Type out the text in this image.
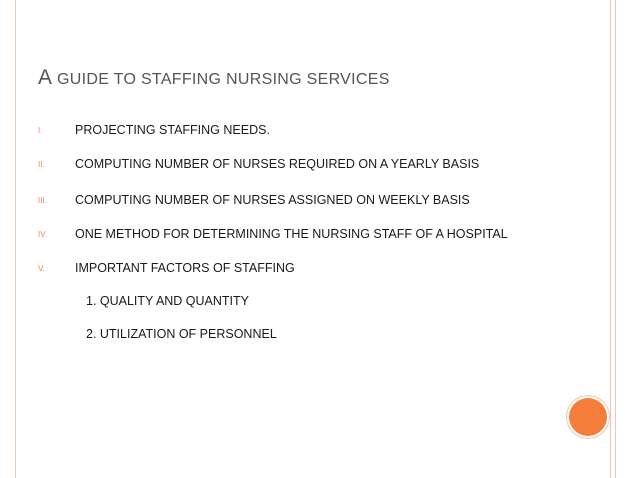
A GUIDE TO STAFFING NURSING SERVICES
I.	PROJECTING STAFFING NEEDS.
II. COMPUTING NUMBER OF NURSES REQUIRED ON A YEARLY BASIS
III. COMPUTING NUMBER OF NURSES ASSIGNED ON WEEKLY BASIS
IV. ONE METHOD FOR DETERMINING THE NURSING STAFF OF A HOSPITAL
V. IMPORTANT FACTORS OF STAFFING
1. QUALITY AND QUANTITY
2. UTILIZATION OF PERSONNEL
